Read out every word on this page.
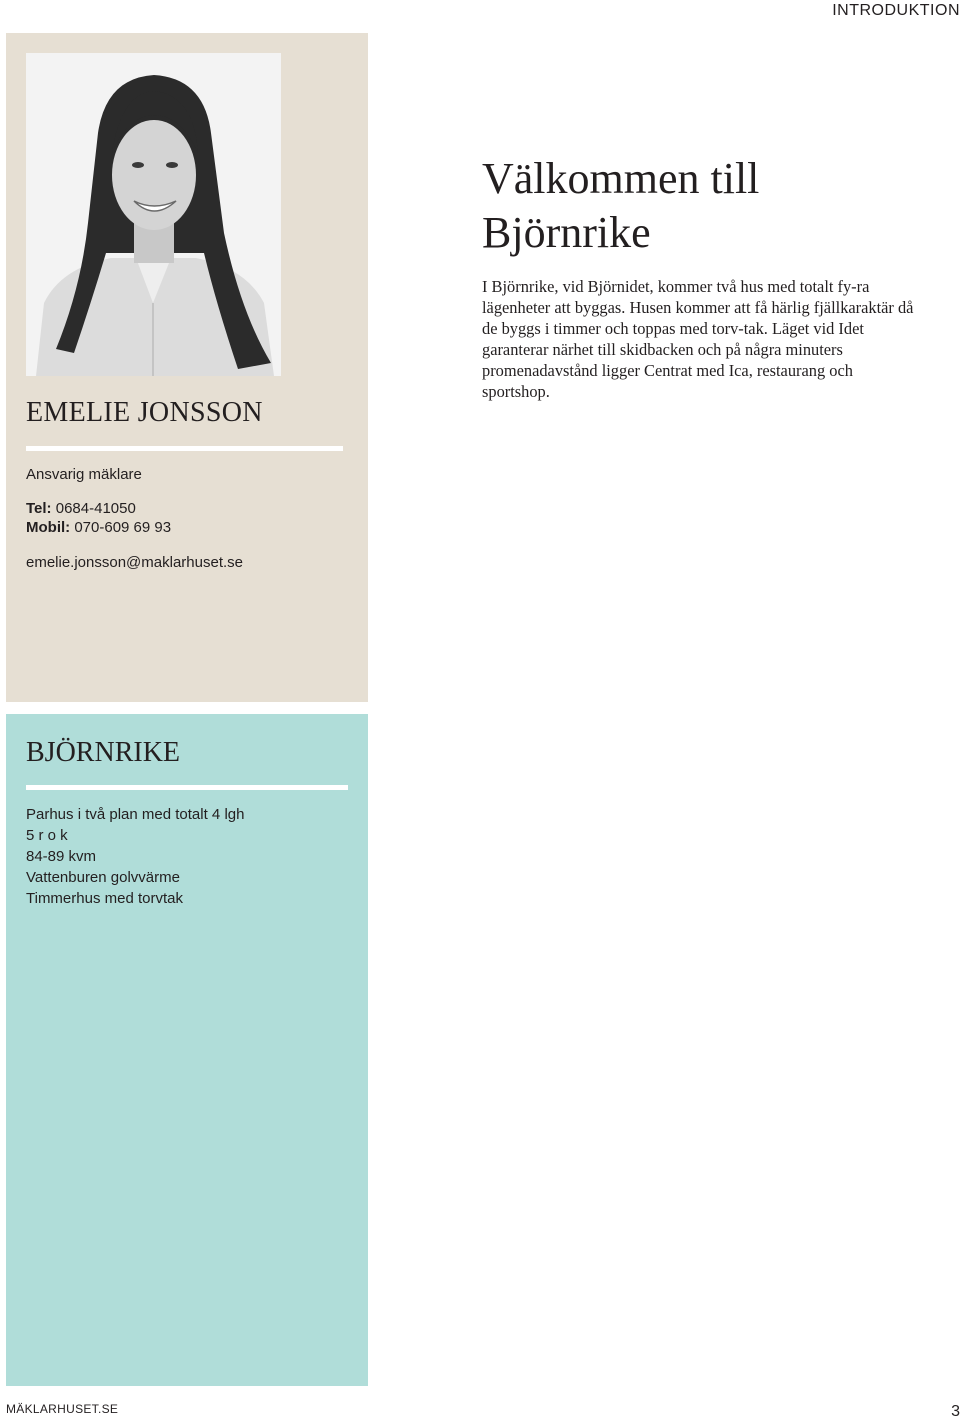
INTRODUKTION
EMELIE JONSSON
Ansvarig mäklare
Tel: 0684-41050
Mobil: 070-609 69 93
emelie.jonsson@maklarhuset.se
Välkommen till
Björnrike

I Björnrike, vid Björnidet, kommer två hus med totalt fy-ra lägenheter att byggas. Husen kommer att få härlig fjällkaraktär då de byggs i timmer och toppas med torv-tak. Läget vid Idet garanterar närhet till skidbacken och på några minuters promenadavstånd ligger Centrat med Ica, restaurang och sportshop.

BJÖRNRIKE
Parhus i två plan med totalt 4 lgh
5 r o k
84-89 kvm
Vattenburen golvvärme
Timmerhus med torvtak
MÄKLARHUSET.SE	3
